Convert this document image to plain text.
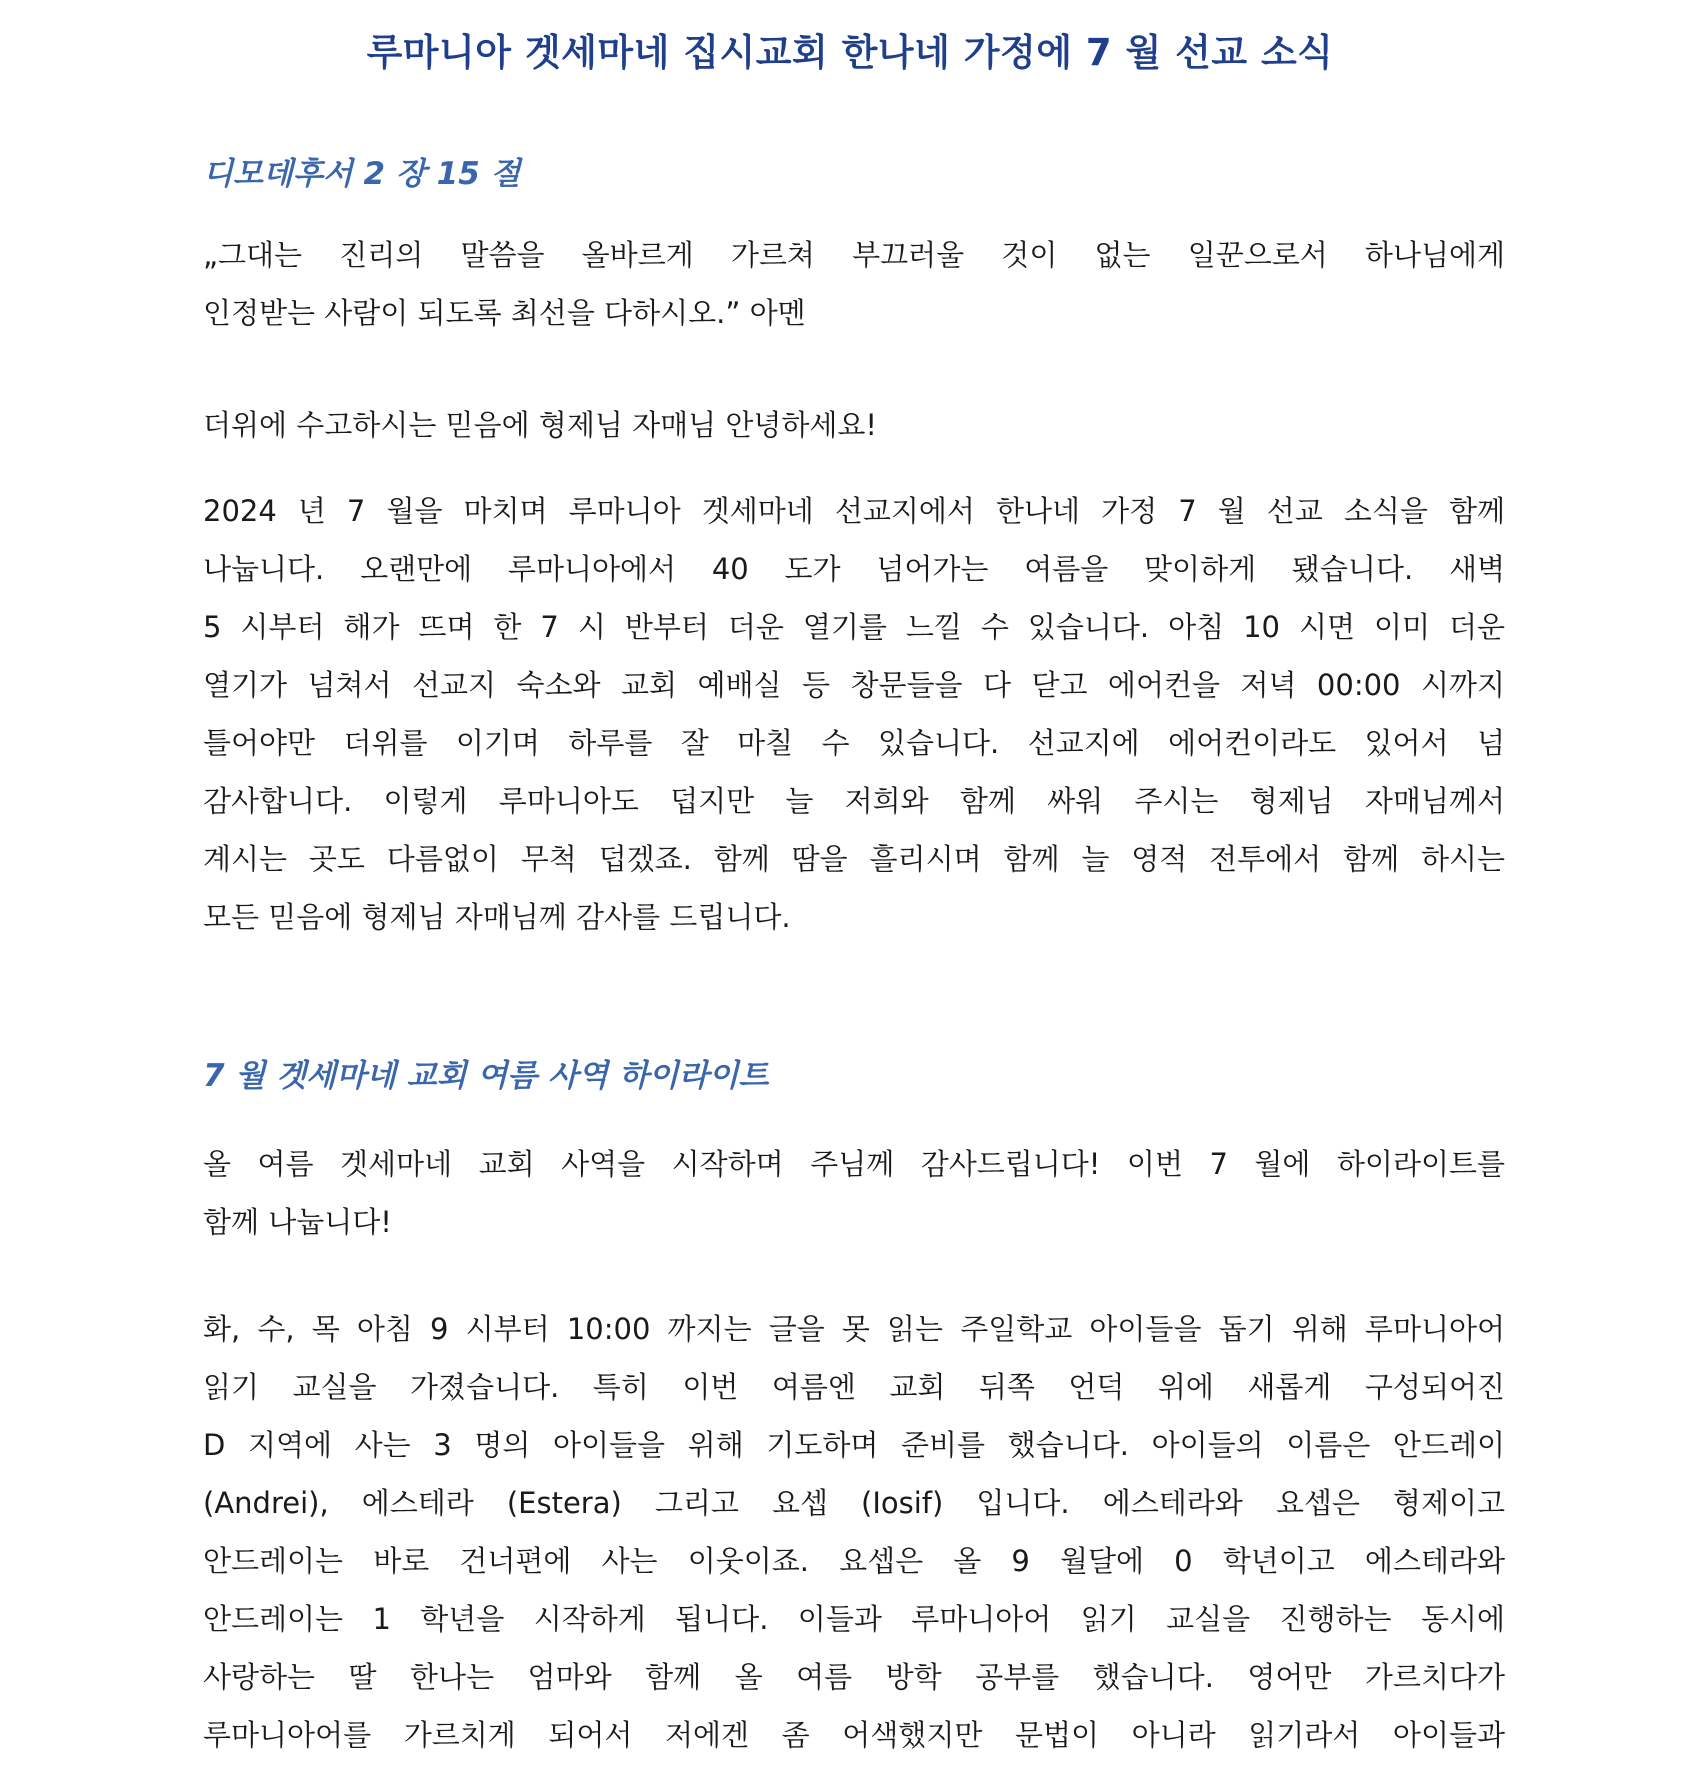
루마니아 겟세마네 집시교회 한나네 가정에 7 월 선교 소식
디모데후서 2 장 15 절
„그대는 진리의 말씀을 올바르게 가르쳐 부끄러울 것이 없는 일꾼으로서 하나님에게
인정받는 사람이 되도록 최선을 다하시오.” 아멘
더위에 수고하시는 믿음에 형제님 자매님 안녕하세요!
2024 년 7 월을 마치며 루마니아 겟세마네 선교지에서 한나네 가정 7 월 선교 소식을 함께
나눕니다. 오랜만에 루마니아에서 40 도가 넘어가는 여름을 맞이하게 됐습니다. 새벽
5 시부터 해가 뜨며 한 7 시 반부터 더운 열기를 느낄 수 있습니다. 아침 10 시면 이미 더운
열기가 넘쳐서 선교지 숙소와 교회 예배실 등 창문들을 다 닫고 에어컨을 저녁 00:00 시까지
틀어야만 더위를 이기며 하루를 잘 마칠 수 있습니다. 선교지에 에어컨이라도 있어서 넘
감사합니다. 이렇게 루마니아도 덥지만 늘 저희와 함께 싸워 주시는 형제님 자매님께서
계시는 곳도 다름없이 무척 덥겠죠. 함께 땀을 흘리시며 함께 늘 영적 전투에서 함께 하시는
모든 믿음에 형제님 자매님께 감사를 드립니다.
7 월 겟세마네 교회 여름 사역 하이라이트
올 여름 겟세마네 교회 사역을 시작하며 주님께 감사드립니다! 이번 7 월에 하이라이트를
함께 나눕니다!
화, 수, 목 아침 9 시부터 10:00 까지는 글을 못 읽는 주일학교 아이들을 돕기 위해 루마니아어
읽기 교실을 가졌습니다. 특히 이번 여름엔 교회 뒤쪽 언덕 위에 새롭게 구성되어진
D 지역에 사는 3 명의 아이들을 위해 기도하며 준비를 했습니다. 아이들의 이름은 안드레이
(Andrei), 에스테라 (Estera) 그리고 요셉 (Iosif) 입니다. 에스테라와 요셉은 형제이고
안드레이는 바로 건너편에 사는 이웃이죠. 요셉은 올 9 월달에 0 학년이고 에스테라와
안드레이는 1 학년을 시작하게 됩니다. 이들과 루마니아어 읽기 교실을 진행하는 동시에
사랑하는 딸 한나는 엄마와 함께 올 여름 방학 공부를 했습니다. 영어만 가르치다가
루마니아어를 가르치게 되어서 저에겐 좀 어색했지만 문법이 아니라 읽기라서 아이들과
